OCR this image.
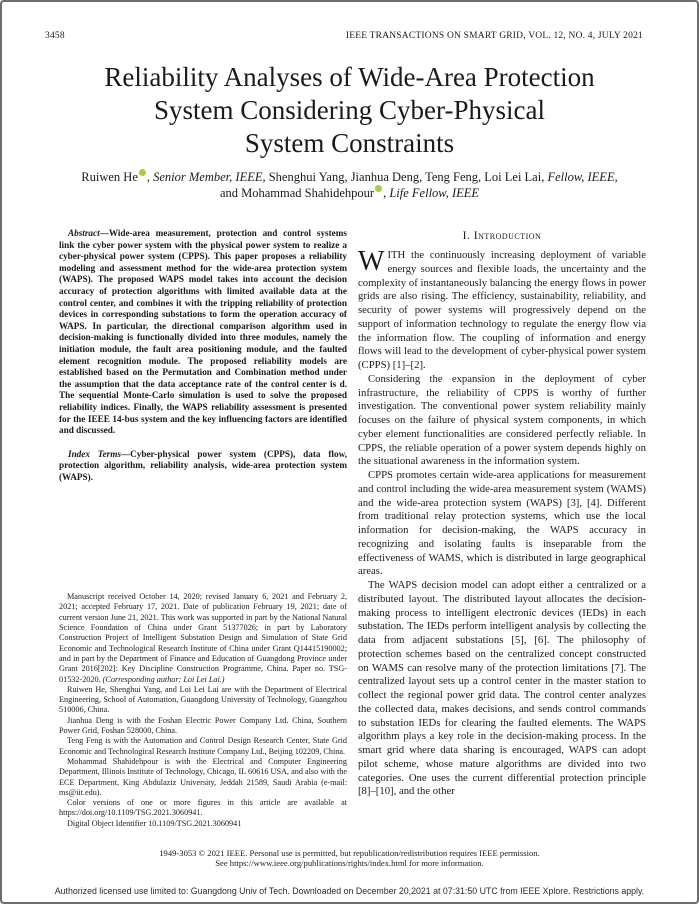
3458	IEEE TRANSACTIONS ON SMART GRID, VOL. 12, NO. 4, JULY 2021
Reliability Analyses of Wide-Area Protection
System Considering Cyber-Physical
System Constraints
Ruiwen He , Senior Member, IEEE, Shenghui Yang, Jianhua Deng, Teng Feng, Loi Lei Lai, Fellow, IEEE,
and Mohammad Shahidehpour , Life Fellow, IEEE

Abstract—Wide-area measurement, protection and control systems link the cyber power system with the physical power system to realize a cyber-physical power system (CPPS). This paper proposes a reliability modeling and assessment method for the wide-area protection system (WAPS). The proposed WAPS model takes into account the decision accuracy of protection algorithms with limited available data at the control center, and combines it with the tripping reliability of protection devices in corresponding substations to form the operation accuracy of WAPS. In particular, the directional comparison algorithm used in decision-making is functionally divided into three modules, namely the initiation module, the fault area positioning module, and the faulted element recognition module. The proposed reliability models are established based on the Permutation and Combination method under the assumption that the data acceptance rate of the control center is d. The sequential Monte-Carlo simulation is used to solve the proposed reliability indices. Finally, the WAPS reliability assessment is presented for the IEEE 14-bus system and the key influencing factors are identified and discussed.

Index Terms—Cyber-physical power system (CPPS), data flow, protection algorithm, reliability analysis, wide-area protection system (WAPS).

Manuscript received October 14, 2020; revised January 6, 2021 and February 2, 2021; accepted February 17, 2021. Date of publication February 19, 2021; date of current version June 21, 2021. This work was supported in part by the National Natural Science Foundation of China under Grant 51377026; in part by Laboratory Construction Project of Intelligent Substation Design and Simulation of State Grid Economic and Technological Research Institute of China under Grant Q14415190002; and in part by the Department of Finance and Education of Guangdong Province under Grant 2016[202]: Key Discipline Construction Programme, China. Paper no. TSG-01532-2020. (Corresponding author: Loi Lei Lai.)

Ruiwen He, Shenghui Yang, and Loi Lei Lai are with the Department of Electrical Engineering, School of Automation, Guangdong University of Technology, Guangzhou 510006, China.

Jianhua Deng is with the Foshan Electric Power Company Ltd. China, Southern Power Grid, Foshan 528000, China.

Teng Feng is with the Automation and Control Design Research Center, State Grid Economic and Technological Research Institute Company Ltd., Beijing 102209, China.

Mohammad Shahidehpour is with the Electrical and Computer Engineering Department, Illinois Institute of Technology, Chicago, IL 60616 USA, and also with the ECE Department, King Abdulaziz University, Jeddah 21589, Saudi Arabia (e-mail: ms@iit.edu).

Color versions of one or more figures in this article are available at https://doi.org/10.1109/TSG.2021.3060941.

Digital Object Identifier 10.1109/TSG.2021.3060941

I. Introduction

WITH the continuously increasing deployment of variable energy sources and flexible loads, the uncertainty and the complexity of instantaneously balancing the energy flows in power grids are also rising. The efficiency, sustainability, reliability, and security of power systems will progressively depend on the support of information technology to regulate the energy flow via the information flow. The coupling of information and energy flows will lead to the development of cyber-physical power system (CPPS) [1]–[2].

Considering the expansion in the deployment of cyber infrastructure, the reliability of CPPS is worthy of further investigation. The conventional power system reliability mainly focuses on the failure of physical system components, in which cyber element functionalities are considered perfectly reliable. In CPPS, the reliable operation of a power system depends highly on the situational awareness in the information system.

CPPS promotes certain wide-area applications for measurement and control including the wide-area measurement system (WAMS) and the wide-area protection system (WAPS) [3], [4]. Different from traditional relay protection systems, which use the local information for decision-making, the WAPS accuracy in recognizing and isolating faults is inseparable from the effectiveness of WAMS, which is distributed in large geographical areas.

The WAPS decision model can adopt either a centralized or a distributed layout. The distributed layout allocates the decision-making process to intelligent electronic devices (IEDs) in each substation. The IEDs perform intelligent analysis by collecting the data from adjacent substations [5], [6]. The philosophy of protection schemes based on the centralized concept constructed on WAMS can resolve many of the protection limitations [7]. The centralized layout sets up a control center in the master station to collect the regional power grid data. The control center analyzes the collected data, makes decisions, and sends control commands to substation IEDs for clearing the faulted elements. The WAPS algorithm plays a key role in the decision-making process. In the smart grid where data sharing is encouraged, WAPS can adopt pilot scheme, whose mature algorithms are divided into two categories. One uses the current differential protection principle [8]–[10], and the other

1949-3053 © 2021 IEEE. Personal use is permitted, but republication/redistribution requires IEEE permission.
See https://www.ieee.org/publications/rights/index.html for more information.
Authorized licensed use limited to: Guangdong Univ of Tech. Downloaded on December 20,2021 at 07:31:50 UTC from IEEE Xplore. Restrictions apply.
